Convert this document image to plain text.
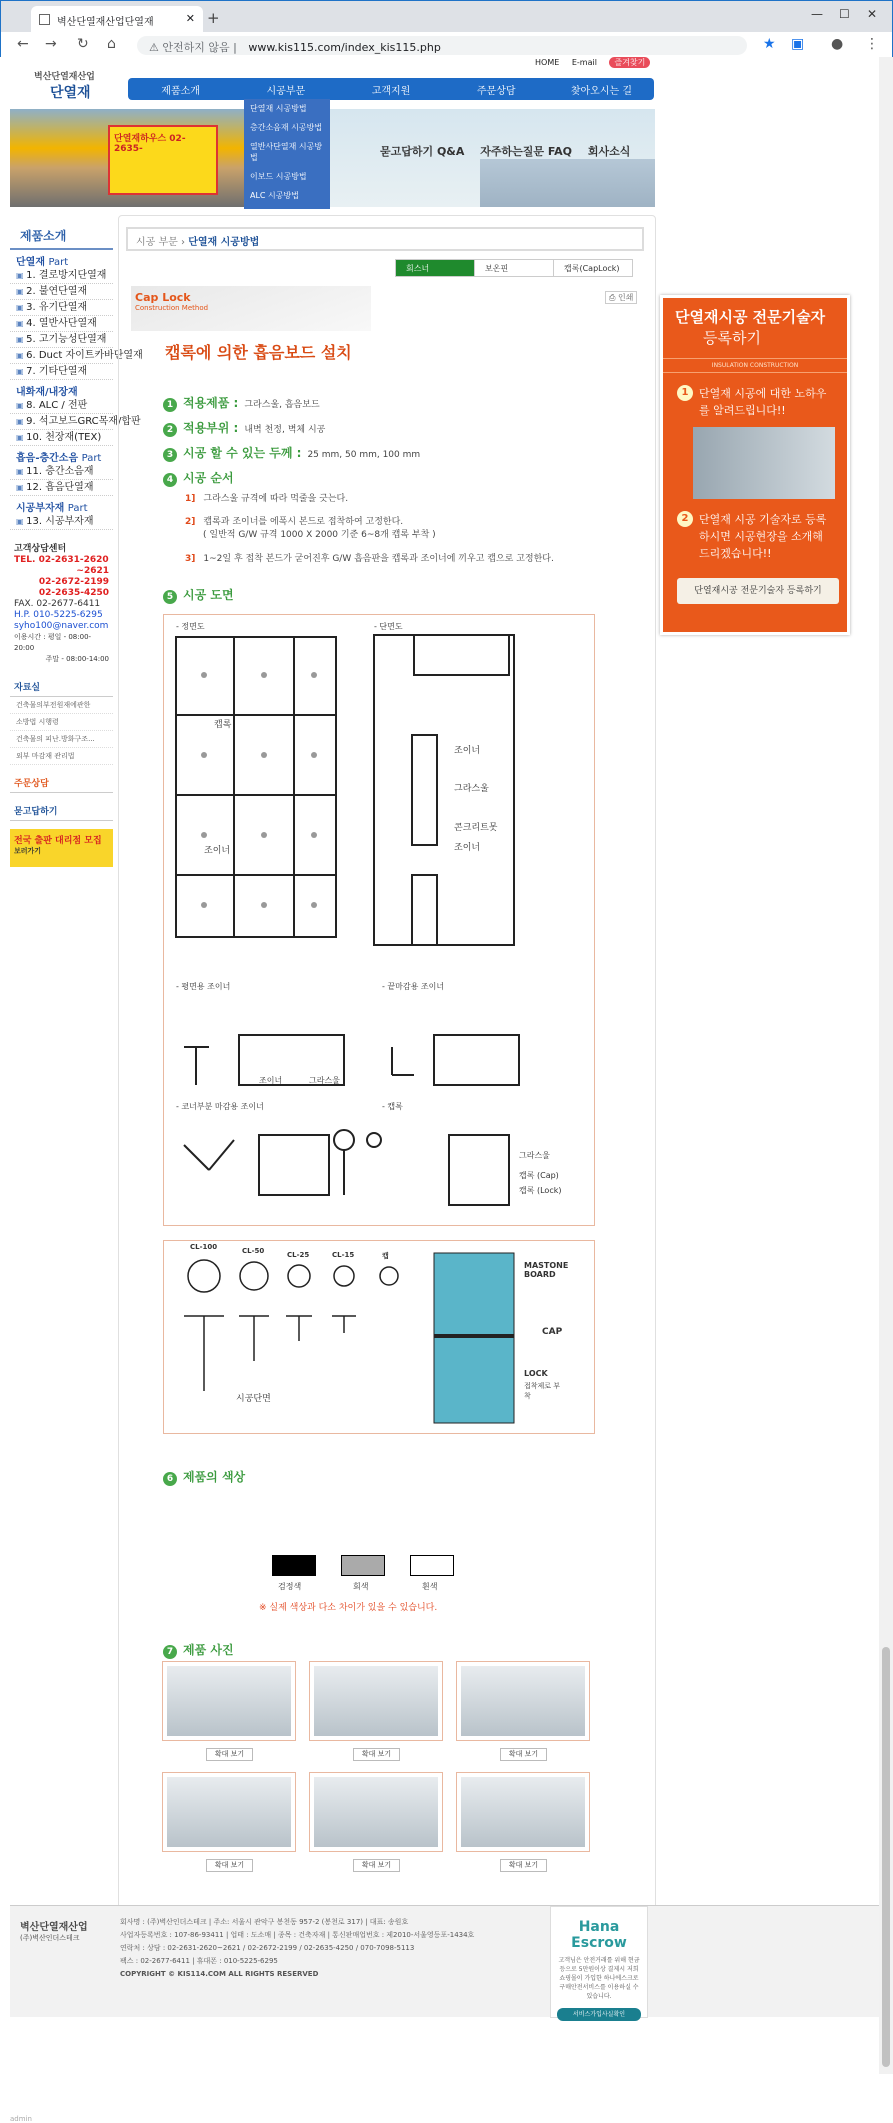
벽산단열재산업단열재	✕ +	— ☐ ✕
← → ↻ ⌂	⚠ 안전하지 않음 | www.kis115.com/index_kis115.php	★ ▣ ● ⋮
HOME E-mail 즐겨찾기
벽산단열재산업
단열재	제품소개	시공부문	고객지원	주문상담	찾아오시는 길
단열재하우스 02-2635-	묻고답하기 Q&A 자주하는질문 FAQ 회사소식
단열재 시공방법
층간소음재 시공방법
열반사단열재 시공방법
이보드 시공방법
ALC 시공방법
천정재 시공방법
제품소개
단열재 Part
▣ 1. 결로방지단열재
▣ 2. 불연단열재
▣ 3. 유기단열재
▣ 4. 열반사단열재
▣ 5. 고기능성단열재
▣ 6. Duct 자이트카바단열재
▣ 7. 기타단열재
내화재/내장재
▣ 8. ALC / 전판
▣ 9. 석고보드GRC목재/합판
▣ 10. 천장재(TEX)
흡음-층간소음 Part
▣ 11. 층간소음재
▣ 12. 흡음단열재
시공부자재 Part
▣ 13. 시공부자재
고객상담센터
TEL. 02-2631-2620
~2621
02-2672-2199
02-2635-4250
FAX. 02-2677-6411
H.P. 010-5225-6295
syho100@naver.com
이용시간 : 평일 - 08:00-20:00
주말 - 08:00-14:00
자료실
건축물의부전원재에관한
소방법 시행령
건축물의 피난.방화구조...
외부 마감재 관리법
주문상담
묻고답하기
전국 출판 대리점 모집
보러가기
시공 부문 › 단열재 시공방법
회스너	보온핀	캡록(CapLock)
Cap Lock
Construction Method
⎙ 인쇄
캡록에 의한 흡음보드 설치
1 적용제품 : 그라스울, 흡음보드
2 적용부위 : 내벽 천정, 벽체 시공
3 시공 할 수 있는 두께 : 25 mm, 50 mm, 100 mm
4 시공 순서
1] 그라스울 규격에 따라 먹줄을 긋는다.
2] 캡록과 조이너를 에폭시 본드로 접착하여 고정한다.
( 일반적 G/W 규격 1000 X 2000 기준 6~8개 캡록 부착 )
3] 1~2일 후 접착 본드가 굳어진후 G/W 흡음판을 캡록과 조이너에 끼우고 캡으로 고정한다.
5 시공 도면
- 정면도	- 단면도
캡록
조이너
조이너
그라스울
콘크리트못
조이너
- 평면용 조이너	- 끝마감용 조이너
조이너	그라스울
- 코너부분 마감용 조이너	- 캡록
그라스울
캡록 (Cap)
캡록 (Lock)
CL-100	CL-50	CL-25	CL-15	캡
MASTONE BOARD
CAP
LOCK
접착제로 부착
시공단면
6 제품의 색상
검정색	회색	흰색
※ 실제 색상과 다소 차이가 있을 수 있습니다.
7 제품 사진
확대 보기	확대 보기	확대 보기
확대 보기	확대 보기	확대 보기
단열재시공 전문기술자
등록하기
INSULATION CONSTRUCTION
1 단열재 시공에 대한 노하우를 알려드립니다!!
2 단열재 시공 기술자로 등록하시면 시공현장을 소개해 드리겠습니다!!
단열재시공 전문기술자 등록하기
벽산단열재산업
(주)벽산인더스테크
회사명 : (주)벽산인더스테크 | 주소: 서울시 관악구 봉천동 957-2 (봉천로 317) | 대표: 송원호
사업자등록번호 : 107-86-93411 | 업태 : 도소매 | 종목 : 건축자재 | 통신판매업번호 : 제2010-서울영등포-1434호
연락처 : 상담 : 02-2631-2620~2621 / 02-2672-2199 / 02-2635-4250 / 070-7098-5113
팩스 : 02-2677-6411 | 휴대폰 : 010-5225-6295
COPYRIGHT © KIS114.COM ALL RIGHTS RESERVED
Hana Escrow
고객님은 안전거래를 위해 현금등으로 5만원이상 결제시 저희 쇼핑몰이 가입한 하나에스크로 구매안전서비스를 이용하실 수 있습니다.
서비스가입사실확인
admin
